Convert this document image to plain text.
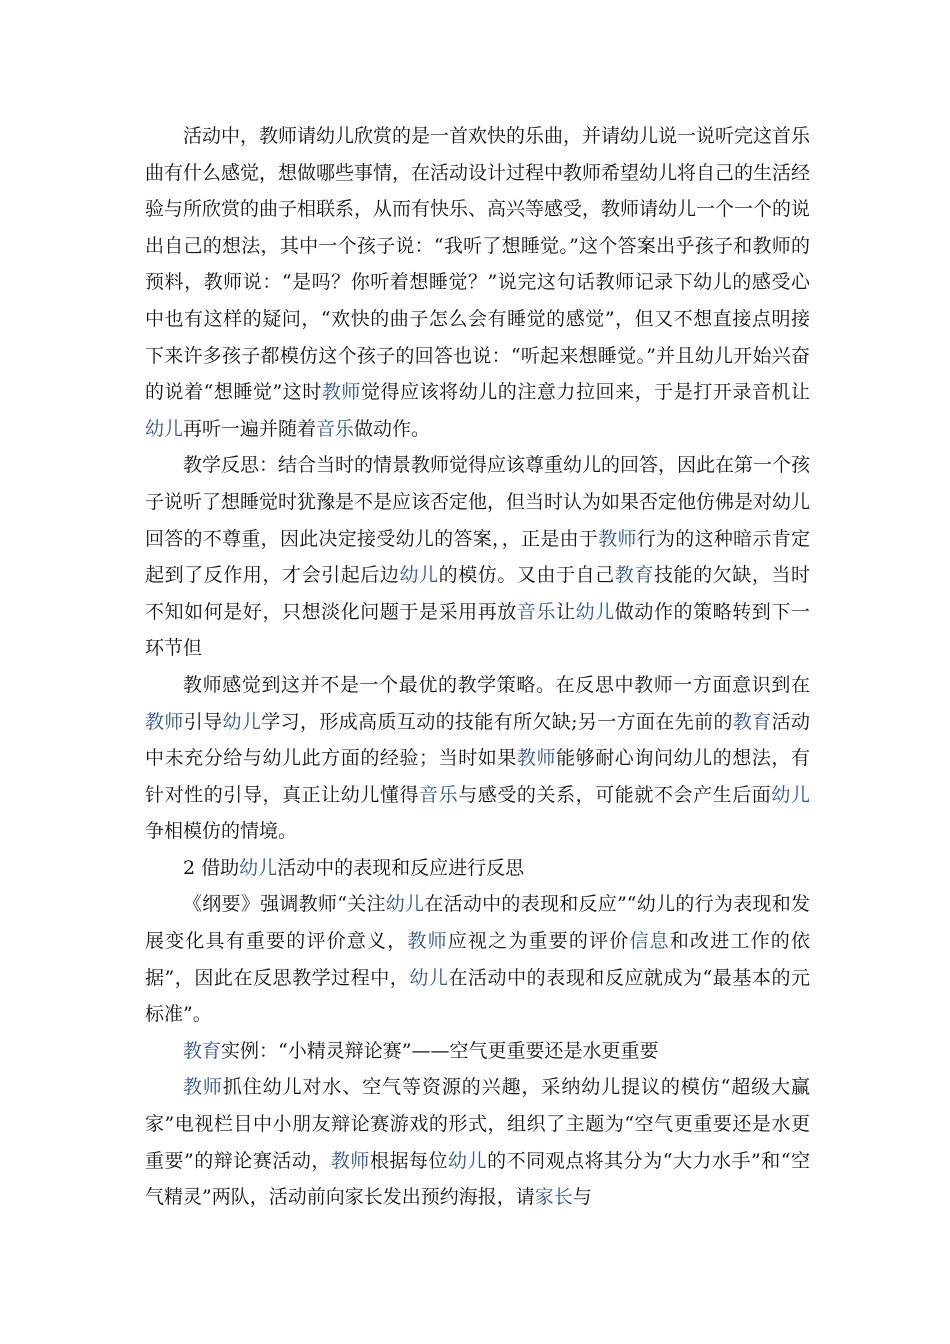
活动中，教师请幼儿欣赏的是一首欢快的乐曲，并请幼儿说一说听完这首乐曲有什么感觉，想做哪些事情，在活动设计过程中教师希望幼儿将自己的生活经验与所欣赏的曲子相联系，从而有快乐、高兴等感受，教师请幼儿一个一个的说出自己的想法，其中一个孩子说：“我听了想睡觉。”这个答案出乎孩子和教师的预料，教师说：“是吗？你听着想睡觉？”说完这句话教师记录下幼儿的感受心中也有这样的疑问，“欢快的曲子怎么会有睡觉的感觉”，但又不想直接点明接下来许多孩子都模仿这个孩子的回答也说：“听起来想睡觉。”并且幼儿开始兴奋的说着“想睡觉”这时教师觉得应该将幼儿的注意力拉回来，于是打开录音机让幼儿再听一遍并随着音乐做动作。

教学反思：结合当时的情景教师觉得应该尊重幼儿的回答，因此在第一个孩子说听了想睡觉时犹豫是不是应该否定他，但当时认为如果否定他仿佛是对幼儿回答的不尊重，因此决定接受幼儿的答案，，正是由于教师行为的这种暗示肯定起到了反作用，才会引起后边幼儿的模仿。又由于自己教育技能的欠缺，当时不知如何是好，只想淡化问题于是采用再放音乐让幼儿做动作的策略转到下一环节但

教师感觉到这并不是一个最优的教学策略。在反思中教师一方面意识到在教师引导幼儿学习，形成高质互动的技能有所欠缺;另一方面在先前的教育活动中未充分给与幼儿此方面的经验；当时如果教师能够耐心询问幼儿的想法，有针对性的引导，真正让幼儿懂得音乐与感受的关系，可能就不会产生后面幼儿争相模仿的情境。

2 借助幼儿活动中的表现和反应进行反思

《纲要》强调教师“关注幼儿在活动中的表现和反应”“幼儿的行为表现和发展变化具有重要的评价意义，教师应视之为重要的评价信息和改进工作的依据”，因此在反思教学过程中，幼儿在活动中的表现和反应就成为“最基本的元标准”。

教育实例：“小精灵辩论赛”——空气更重要还是水更重要

教师抓住幼儿对水、空气等资源的兴趣，采纳幼儿提议的模仿“超级大赢家”电视栏目中小朋友辩论赛游戏的形式，组织了主题为“空气更重要还是水更重要”的辩论赛活动，教师根据每位幼儿的不同观点将其分为“大力水手”和“空气精灵”两队，活动前向家长发出预约海报，请家长与
